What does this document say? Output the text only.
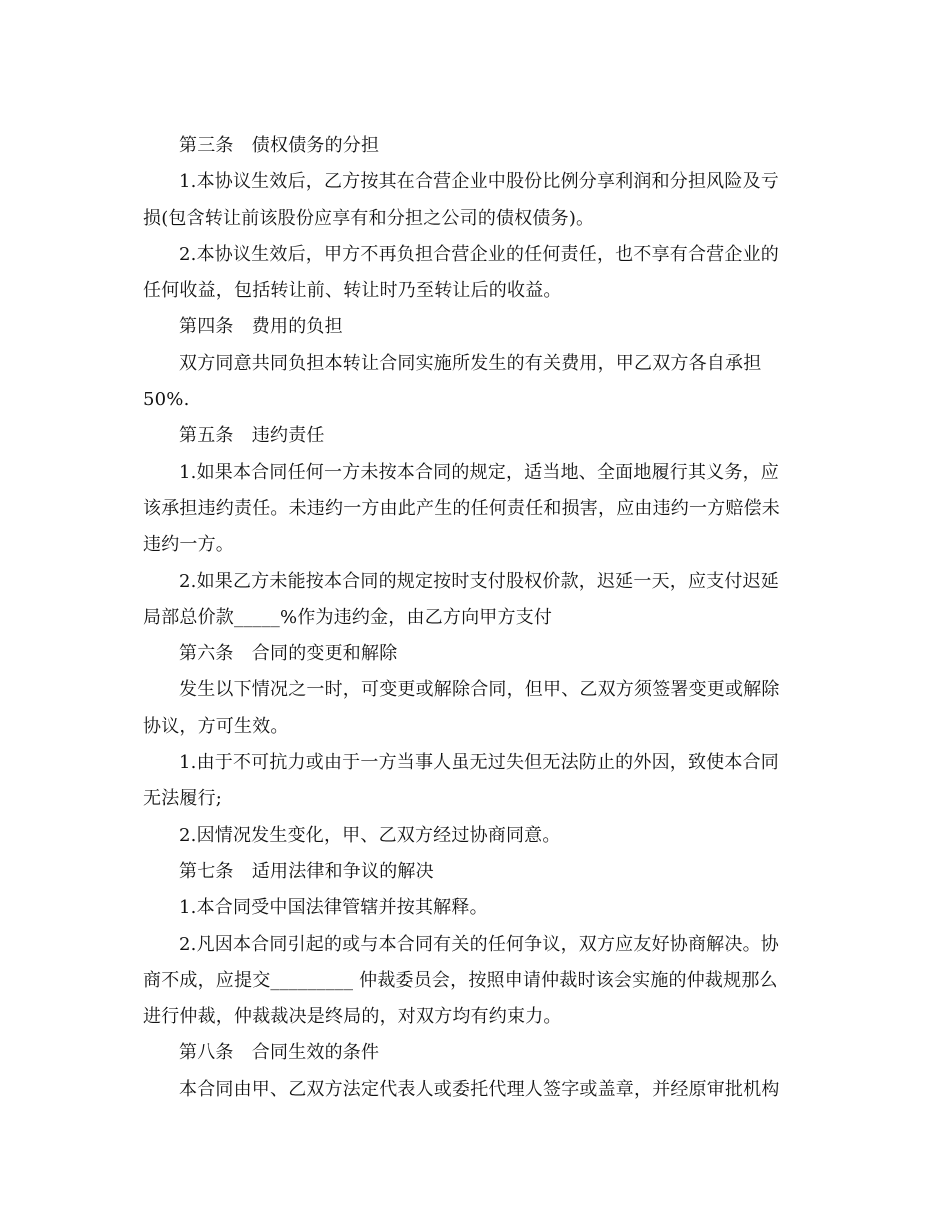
第三条　债权债务的分担
1.本协议生效后，乙方按其在合营企业中股份比例分享利润和分担风险及亏
损(包含转让前该股份应享有和分担之公司的债权债务)。
2.本协议生效后，甲方不再负担合营企业的任何责任，也不享有合营企业的
任何收益，包括转让前、转让时乃至转让后的收益。
第四条　费用的负担
双方同意共同负担本转让合同实施所发生的有关费用，甲乙双方各自承担
50%.
第五条　违约责任
1.如果本合同任何一方未按本合同的规定，适当地、全面地履行其义务，应
该承担违约责任。未违约一方由此产生的任何责任和损害，应由违约一方赔偿未
违约一方。
2.如果乙方未能按本合同的规定按时支付股权价款，迟延一天，应支付迟延
局部总价款_____%作为违约金，由乙方向甲方支付
第六条　合同的变更和解除
发生以下情况之一时，可变更或解除合同，但甲、乙双方须签署变更或解除
协议，方可生效。
1.由于不可抗力或由于一方当事人虽无过失但无法防止的外因，致使本合同
无法履行;
2.因情况发生变化，甲、乙双方经过协商同意。
第七条　适用法律和争议的解决
1.本合同受中国法律管辖并按其解释。
2.凡因本合同引起的或与本合同有关的任何争议，双方应友好协商解决。协
商不成，应提交_________ 仲裁委员会，按照申请仲裁时该会实施的仲裁规那么
进行仲裁，仲裁裁决是终局的，对双方均有约束力。
第八条　合同生效的条件
本合同由甲、乙双方法定代表人或委托代理人签字或盖章，并经原审批机构
